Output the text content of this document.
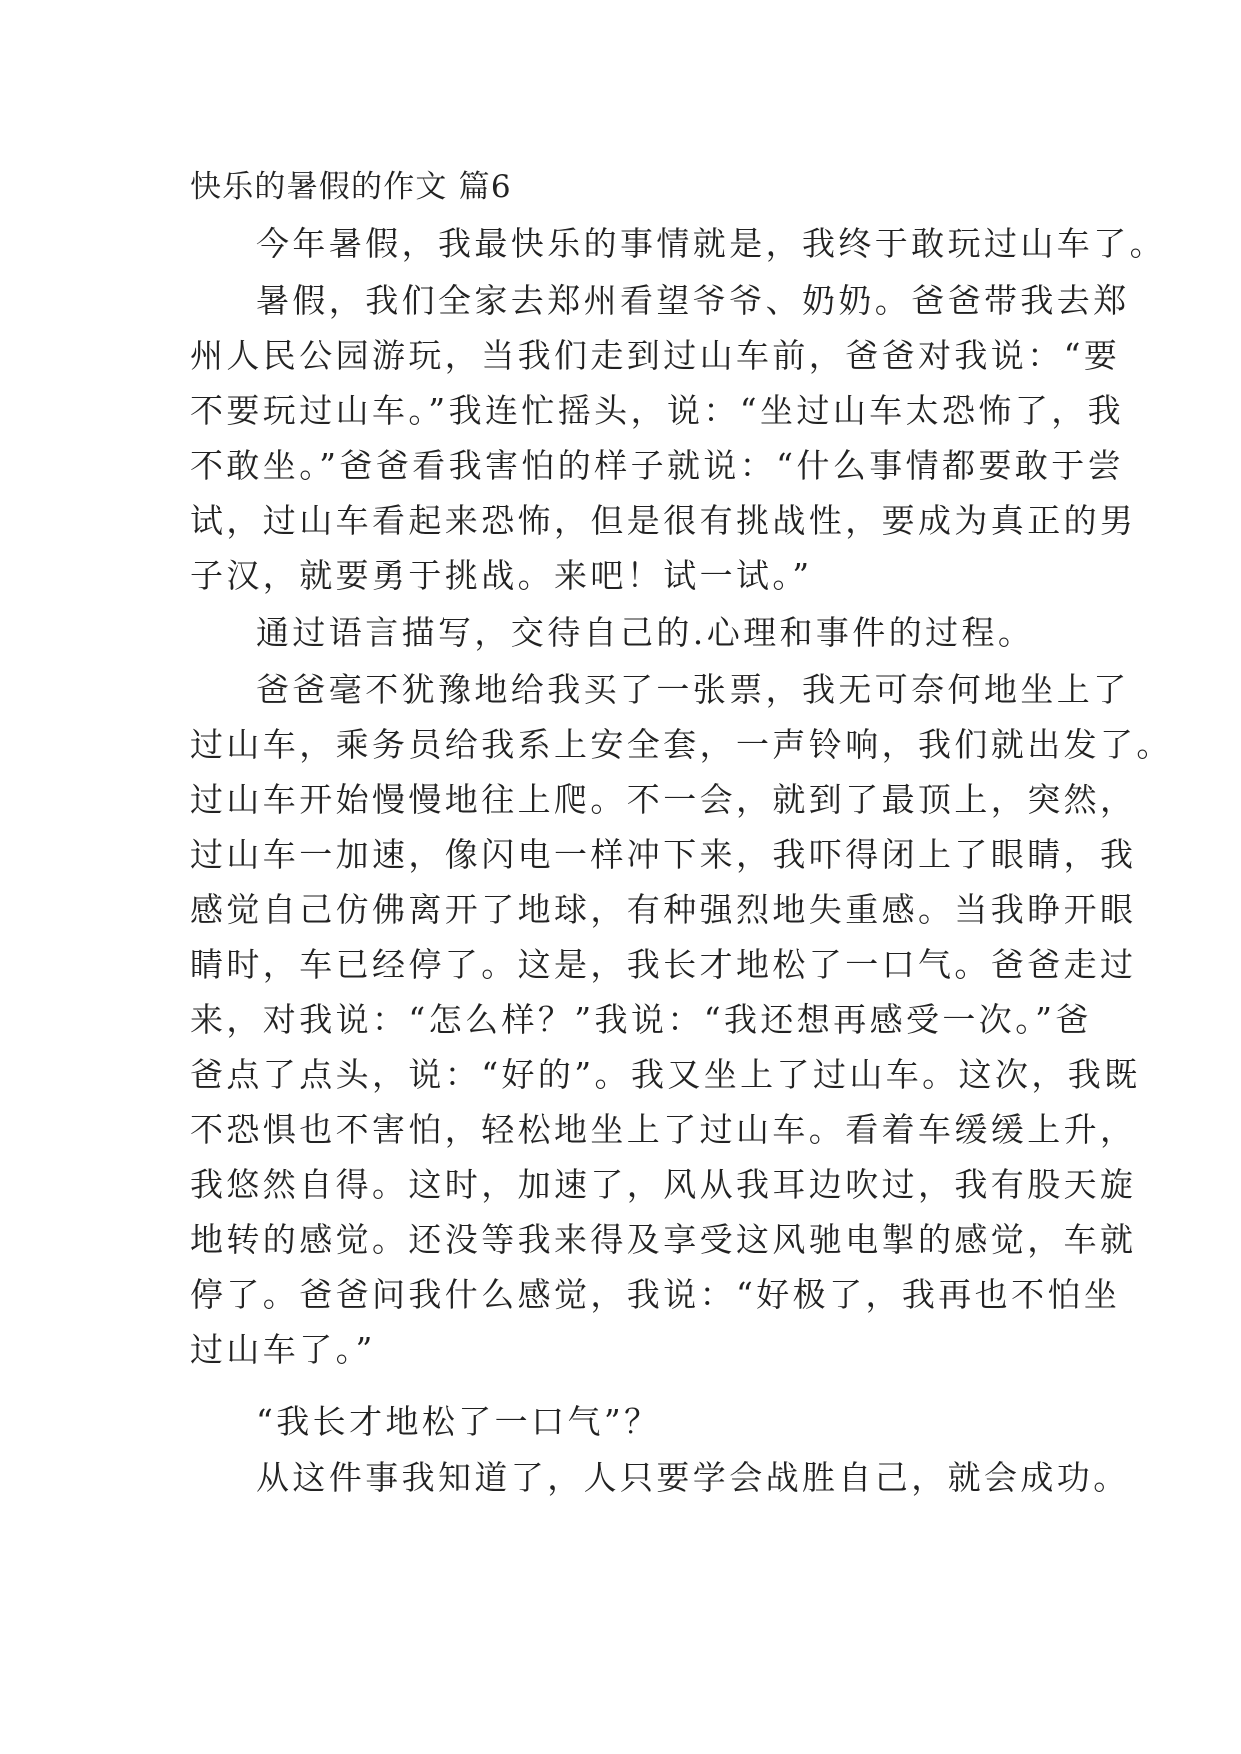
快乐的暑假的作文 篇6
今年暑假，我最快乐的事情就是，我终于敢玩过山车了。
暑假，我们全家去郑州看望爷爷、奶奶。爸爸带我去郑
州人民公园游玩，当我们走到过山车前，爸爸对我说：“要
不要玩过山车。”我连忙摇头，说：“坐过山车太恐怖了，我
不敢坐。”爸爸看我害怕的样子就说：“什么事情都要敢于尝
试，过山车看起来恐怖，但是很有挑战性，要成为真正的男
子汉，就要勇于挑战。来吧！试一试。”
通过语言描写，交待自己的.心理和事件的过程。
爸爸毫不犹豫地给我买了一张票，我无可奈何地坐上了
过山车，乘务员给我系上安全套，一声铃响，我们就出发了。
过山车开始慢慢地往上爬。不一会，就到了最顶上，突然，
过山车一加速，像闪电一样冲下来，我吓得闭上了眼睛，我
感觉自己仿佛离开了地球，有种强烈地失重感。当我睁开眼
睛时，车已经停了。这是，我长才地松了一口气。爸爸走过
来，对我说：“怎么样？”我说：“我还想再感受一次。”爸
爸点了点头，说：“好的”。我又坐上了过山车。这次，我既
不恐惧也不害怕，轻松地坐上了过山车。看着车缓缓上升，
我悠然自得。这时，加速了，风从我耳边吹过，我有股天旋
地转的感觉。还没等我来得及享受这风驰电掣的感觉，车就
停了。爸爸问我什么感觉，我说：“好极了，我再也不怕坐
过山车了。”
“我长才地松了一口气”？
从这件事我知道了，人只要学会战胜自己，就会成功。
